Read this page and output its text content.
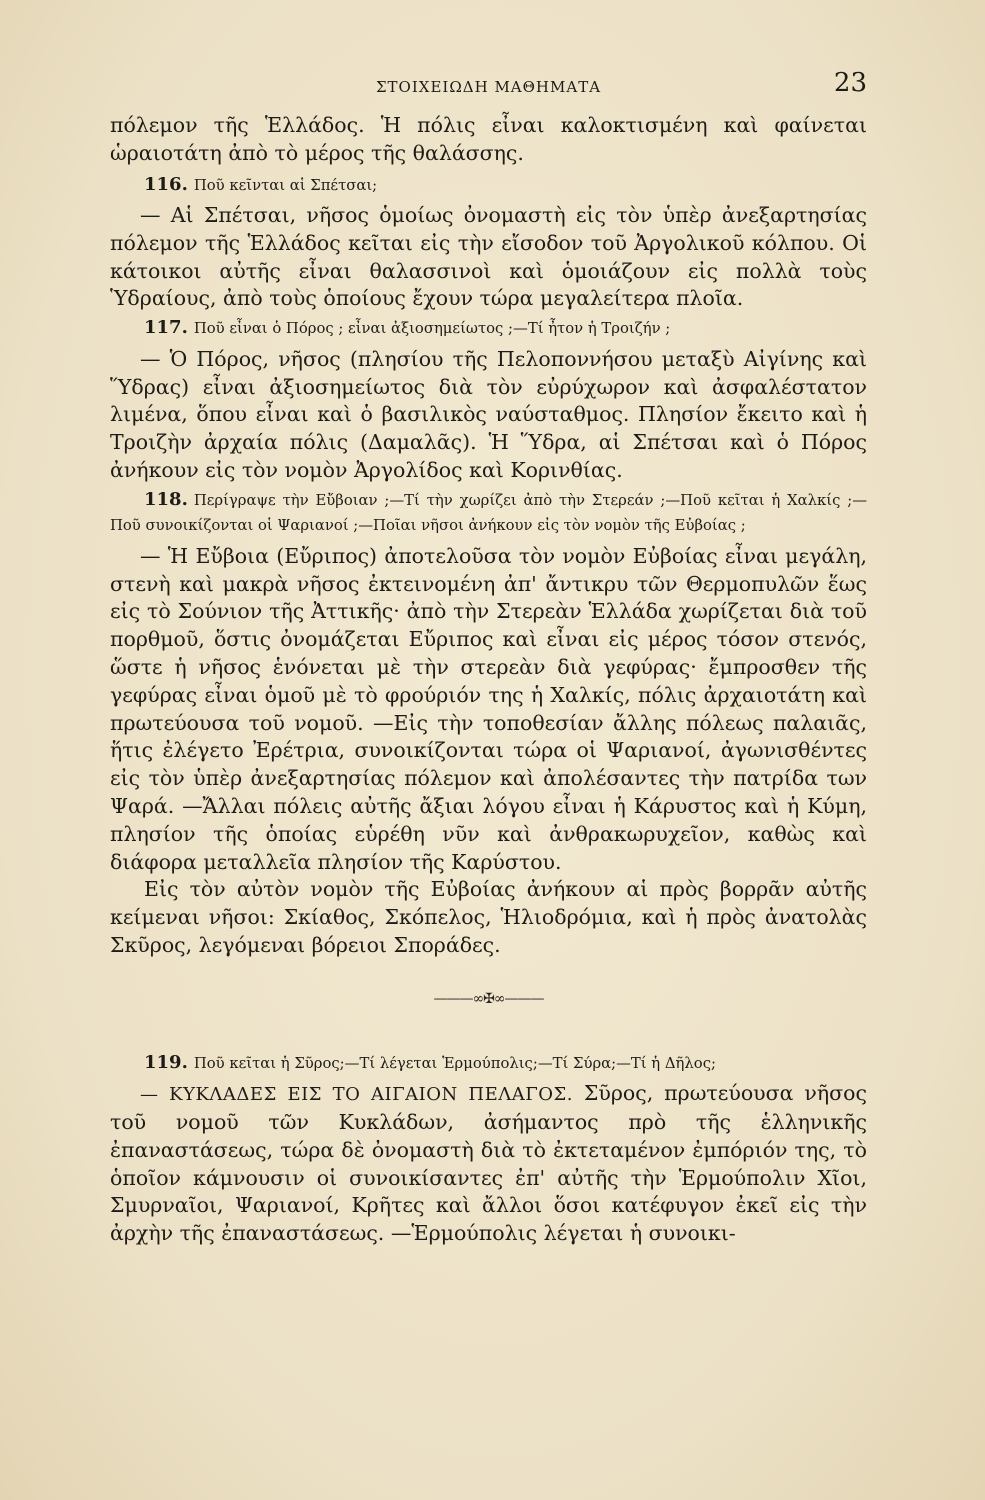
ΣΤΟΙΧΕΙΩΔΗ ΜΑΘΗΜΑΤΑ	23

πόλεμον τῆς Ἑλλάδος. Ἡ πόλις εἶναι καλοκτισμένη καὶ φαίνεται ὡραιοτάτη ἀπὸ τὸ μέρος τῆς θαλάσσης.

116. Ποῦ κεῖνται αἱ Σπέτσαι;

— Αἱ Σπέτσαι, νῆσος ὁμοίως ὀνομαστὴ εἰς τὸν ὑπὲρ ἀνεξαρτησίας πόλεμον τῆς Ἑλλάδος κεῖται εἰς τὴν εἴσοδον τοῦ Ἀργολικοῦ κόλπου. Οἱ κάτοικοι αὐτῆς εἶναι θαλασσινοὶ καὶ ὁμοιάζουν εἰς πολλὰ τοὺς Ὑδραίους, ἀπὸ τοὺς ὁποίους ἔχουν τώρα μεγαλείτερα πλοῖα.

117. Ποῦ εἶναι ὁ Πόρος ; εἶναι ἀξιοσημείωτος ;—Τί ἦτον ἡ Τροιζήν ;

— Ὁ Πόρος, νῆσος (πλησίου τῆς Πελοποννήσου μεταξὺ Αἰγίνης καὶ Ὕδρας) εἶναι ἀξιοσημείωτος διὰ τὸν εὐρύχωρον καὶ ἀσφαλέστατον λιμένα, ὅπου εἶναι καὶ ὁ βασιλικὸς ναύσταθμος. Πλησίον ἔκειτο καὶ ἡ Τροιζὴν ἀρχαία πόλις (Δαμαλᾶς). Ἡ Ὕδρα, αἱ Σπέτσαι καὶ ὁ Πόρος ἀνήκουν εἰς τὸν νομὸν Ἀργολίδος καὶ Κορινθίας.

118. Περίγραψε τὴν Εὔβοιαν ;—Τί τὴν χωρίζει ἀπὸ τὴν Στερεάν ;—Ποῦ κεῖται ἡ Χαλκίς ;—Ποῦ συνοικίζονται οἱ Ψαριανοί ;—Ποῖαι νῆσοι ἀνήκουν εἰς τὸν νομὸν τῆς Εὐβοίας ;

— Ἡ Εὔβοια (Εὔριπος) ἀποτελοῦσα τὸν νομὸν Εὐβοίας εἶναι μεγάλη, στενὴ καὶ μακρὰ νῆσος ἐκτεινομένη ἀπ' ἄντικρυ τῶν Θερμοπυλῶν ἕως εἰς τὸ Σούνιον τῆς Ἀττικῆς· ἀπὸ τὴν Στερεὰν Ἑλλάδα χωρίζεται διὰ τοῦ πορθμοῦ, ὅστις ὀνομάζεται Εὔριπος καὶ εἶναι εἰς μέρος τόσον στενός, ὥστε ἡ νῆσος ἑνόνεται μὲ τὴν στερεὰν διὰ γεφύρας· ἔμπροσθεν τῆς γεφύρας εἶναι ὁμοῦ μὲ τὸ φρούριόν της ἡ Χαλκίς, πόλις ἀρχαιοτάτη καὶ πρωτεύουσα τοῦ νομοῦ. —Εἰς τὴν τοποθεσίαν ἄλλης πόλεως παλαιᾶς, ἥτις ἐλέγετο Ἐρέτρια, συνοικίζονται τώρα οἱ Ψαριανοί, ἀγωνισθέντες εἰς τὸν ὑπὲρ ἀνεξαρτησίας πόλεμον καὶ ἀπολέσαντες τὴν πατρίδα των Ψαρά. —Ἄλλαι πόλεις αὐτῆς ἄξιαι λόγου εἶναι ἡ Κάρυστος καὶ ἡ Κύμη, πλησίον τῆς ὁποίας εὑρέθη νῦν καὶ ἀνθρακωρυχεῖον, καθὼς καὶ διάφορα μεταλλεῖα πλησίον τῆς Καρύστου.

Εἰς τὸν αὐτὸν νομὸν τῆς Εὐβοίας ἀνήκουν αἱ πρὸς βορρᾶν αὐτῆς κείμεναι νῆσοι: Σκίαθος, Σκόπελος, Ἡλιοδρόμια, καὶ ἡ πρὸς ἀνατολὰς Σκῦρος, λεγόμεναι βόρειοι Σποράδες.

———∞✠∞———

119. Ποῦ κεῖται ἡ Σῦρος;—Τί λέγεται Ἑρμούπολις;—Τί Σύρα;—Τί ἡ Δῆλος;

— ΚΥΚΛΑΔΕΣ ΕΙΣ ΤΟ ΑΙΓΑΙΟΝ ΠΕΛΑΓΟΣ. Σῦρος, πρωτεύουσα νῆσος τοῦ νομοῦ τῶν Κυκλάδων, ἀσήμαντος πρὸ τῆς ἑλληνικῆς ἐπαναστάσεως, τώρα δὲ ὀνομαστὴ διὰ τὸ ἐκτεταμένον ἐμπόριόν της, τὸ ὁποῖον κάμνουσιν οἱ συνοικίσαντες ἐπ' αὐτῆς τὴν Ἑρμούπολιν Χῖοι, Σμυρναῖοι, Ψαριανοί, Κρῆτες καὶ ἄλλοι ὅσοι κατέφυγον ἐκεῖ εἰς τὴν ἀρχὴν τῆς ἐπαναστάσεως. —Ἑρμούπολις λέγεται ἡ συνοικι-
